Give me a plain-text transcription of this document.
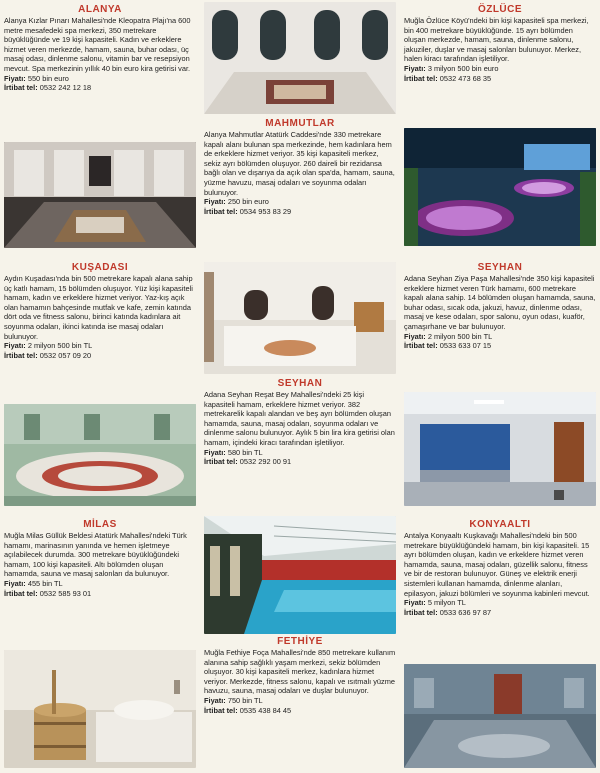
ALANYA
Alanya Kızlar Pınarı Mahallesi'nde Kleopatra Plajı'na 600 metre mesafedeki spa merkezi, 350 metrekare büyüklüğünde ve 19 kişi kapasiteli. Kadın ve erkeklere hizmet veren merkezde, hamam, sauna, buhar odası, üç masaj odası, dinlenme salonu, vitamin bar ve resepsiyon mevcut. Spa merkezinin yıllık 40 bin euro kira getirisi var.
Fiyatı: 550 bin euro
İrtibat tel: 0532 242 12 18
KUŞADASI
Aydın Kuşadası'nda bin 500 metrekare kapalı alana sahip üç katlı hamam, 15 bölümden oluşuyor. Yüz kişi kapasiteli hamam, kadın ve erkeklere hizmet veriyor. Yaz-kış açık olan hamamın bahçesinde mutfak ve kafe, zemin katında dört oda ve fitness salonu, birinci katında kadınlara ait soyunma odaları, ikinci katında ise masaj odaları bulunuyor.
Fiyatı: 2 milyon 500 bin TL
İrtibat tel: 0532 057 09 20
MİLAS
Muğla Milas Güllük Beldesi Atatürk Mahallesi'ndeki Türk hamamı, marinasının yanında ve hemen işletmeye açılabilecek durumda. 300 metrekare büyüklüğündeki hamam, 100 kişi kapasiteli. Altı bölümden oluşan hamamda, sauna ve masaj salonları da bulunuyor.
Fiyatı: 455 bin TL
İrtibat tel: 0532 585 93 01
MAHMUTLAR
Alanya Mahmutlar Atatürk Caddesi'nde 330 metrekare kapalı alanı bulunan spa merkezinde, hem kadınlara hem de erkeklere hizmet veriyor. 35 kişi kapasiteli merkez, sekiz ayrı bölümden oluşuyor. 260 daireli bir rezidansa bağlı olan ve dışarıya da açık olan spa'da, hamam, sauna, yüzme havuzu, masaj odaları ve soyunma odaları bulunuyor.
Fiyatı: 250 bin euro
İrtibat tel: 0534 953 83 29
SEYHAN
Adana Seyhan Reşat Bey Mahallesi'ndeki 25 kişi kapasiteli hamam, erkeklere hizmet veriyor. 382 metrekarelik kapalı alandan ve beş ayrı bölümden oluşan hamamda, sauna, masaj odaları, soyunma odaları ve dinlenme salonu bulunuyor. Aylık 5 bin lira kira getirisi olan hamam, içindeki kiracı tarafından işletiliyor.
Fiyatı: 580 bin TL
İrtibat tel: 0532 292 00 91
FETHİYE
Muğla Fethiye Foça Mahallesi'nde 850 metrekare kullanım alanına sahip sağlıklı yaşam merkezi, sekiz bölümden oluşuyor. 30 kişi kapasiteli merkez, kadınlara hizmet veriyor. Merkezde, fitness salonu, kapalı ve ısıtmalı yüzme havuzu, sauna, masaj odaları ve duşlar bulunuyor.
Fiyatı: 750 bin TL
İrtibat tel: 0535 438 84 45
ÖZLÜCE
Muğla Özlüce Köyü'ndeki bin kişi kapasiteli spa merkezi, bin 400 metrekare büyüklüğünde. 15 ayrı bölümden oluşan merkezde, hamam, sauna, dinlenme salonu, jakuziler, duşlar ve masaj salonları bulunuyor. Merkez, halen kiracı tarafından işletiliyor.
Fiyatı: 3 milyon 500 bin euro
İrtibat tel: 0532 473 68 35
SEYHAN
Adana Seyhan Ziya Paşa Mahallesi'nde 350 kişi kapasiteli erkeklere hizmet veren Türk hamamı, 600 metrekare kapalı alana sahip. 14 bölümden oluşan hamamda, sauna, buhar odası, sıcak oda, jakuzi, havuz, dinlenme odası, masaj ve kese odaları, spor salonu, oyun odası, kuaför, çamaşırhane ve bar bulunuyor.
Fiyatı: 2 milyon 500 bin TL
İrtibat tel: 0533 633 07 15
KONYAALTI
Antalya Konyaaltı Kuşkavağı Mahallesi'ndeki bin 500 metrekare büyüklüğündeki hamam, bin kişi kapasiteli. 15 ayrı bölümden oluşan, kadın ve erkeklere hizmet veren hamamda, sauna, masaj odaları, güzellik salonu, fitness ve bir de restoran bulunuyor. Güneş ve elektrik enerji sistemleri kullanan hamamda, dinlenme alanları, epilasyon, jakuzi bölümleri ve soyunma kabinleri mevcut.
Fiyatı: 5 milyon TL
İrtibat tel: 0533 636 97 87
